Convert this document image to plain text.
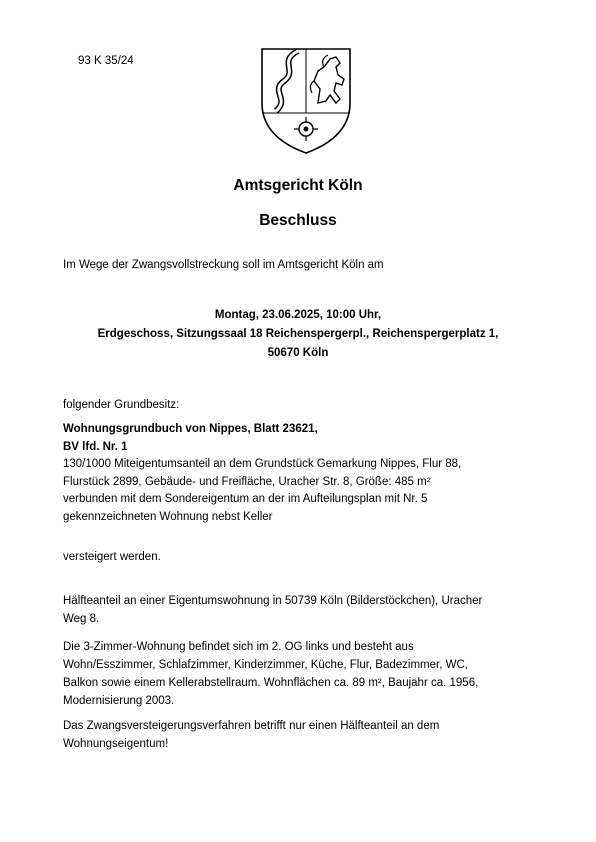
93 K 35/24
Amtsgericht Köln
Beschluss
Im Wege der Zwangsvollstreckung soll im Amtsgericht Köln am
Montag, 23.06.2025, 10:00 Uhr,
Erdgeschoss, Sitzungssaal 18 Reichenspergerpl., Reichenspergerplatz 1,
50670 Köln
folgender Grundbesitz:
Wohnungsgrundbuch von Nippes, Blatt 23621,
BV lfd. Nr. 1
130/1000 Miteigentumsanteil an dem Grundstück Gemarkung Nippes, Flur 88,
Flurstück 2899, Gebäude- und Freifläche, Uracher Str. 8, Größe: 485 m²
verbunden mit dem Sondereigentum an der im Aufteilungsplan mit Nr. 5
gekennzeichneten Wohnung nebst Keller
versteigert werden.
Hälfteanteil an einer Eigentumswohnung in 50739 Köln (Bilderstöckchen), Uracher
Weg 8.
Die 3-Zimmer-Wohnung befindet sich im 2. OG links und besteht aus
Wohn/Esszimmer, Schlafzimmer, Kinderzimmer, Küche, Flur, Badezimmer, WC,
Balkon sowie einem Kellerabstellraum. Wohnflächen ca. 89 m², Baujahr ca. 1956,
Modernisierung 2003.
Das Zwangsversteigerungsverfahren betrifft nur einen Hälfteanteil an dem
Wohnungseigentum!
